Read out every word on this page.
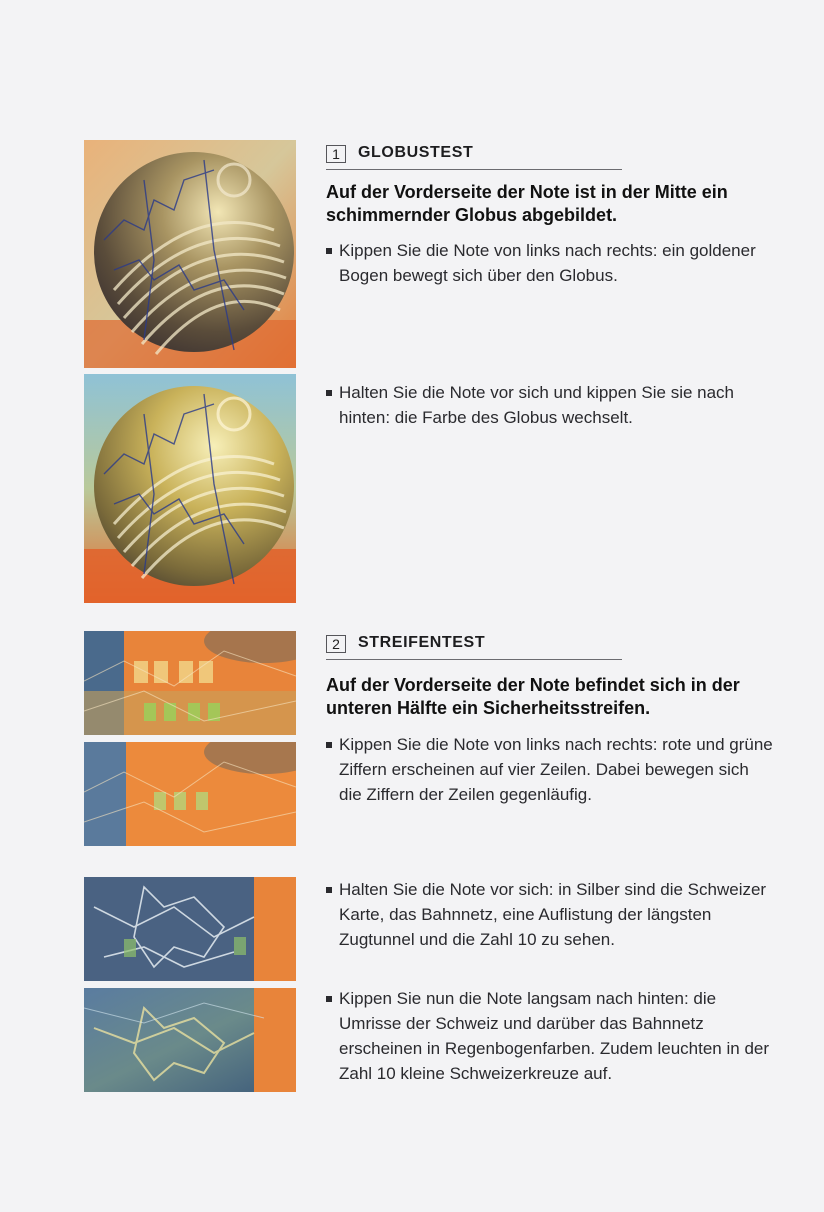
1	GLOBUSTEST
Auf der Vorderseite der Note ist in der Mitte ein schimmernder Globus abgebildet.
Kippen Sie die Note von links nach rechts: ein goldener Bogen bewegt sich über den Globus.
Halten Sie die Note vor sich und kippen Sie sie nach hinten: die Farbe des Globus wechselt.
2	STREIFENTEST
Auf der Vorderseite der Note befindet sich in der unteren Hälfte ein Sicherheitsstreifen.
Kippen Sie die Note von links nach rechts: rote und grüne Ziffern erscheinen auf vier Zeilen. Dabei bewegen sich die Ziffern der Zeilen gegenläufig.
Halten Sie die Note vor sich: in Silber sind die Schweizer Karte, das Bahnnetz, eine Auflistung der längsten Zugtunnel und die Zahl 10 zu sehen.
Kippen Sie nun die Note langsam nach hinten: die Umrisse der Schweiz und darüber das Bahnnetz erscheinen in Regenbogenfarben. Zudem leuchten in der Zahl 10 kleine Schweizerkreuze auf.
